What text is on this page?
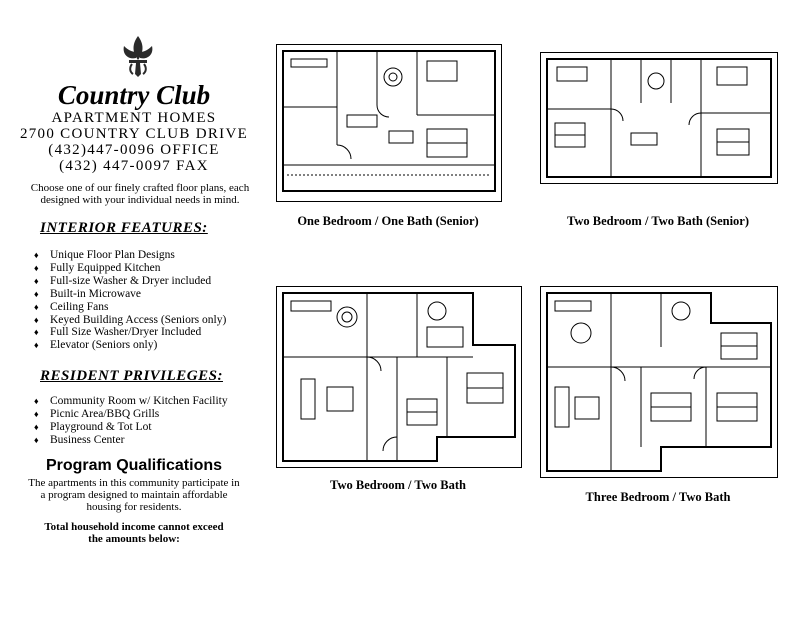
Country Club
APARTMENT HOMES
2700 COUNTRY CLUB DRIVE
(432)447-0096 OFFICE
(432) 447-0097 FAX
Choose one of our finely crafted floor plans, each designed with your individual needs in mind.
INTERIOR FEATURES:
♦ Unique Floor Plan Designs
♦ Fully Equipped Kitchen
♦ Full-size Washer & Dryer included
♦ Built-in Microwave
♦ Ceiling Fans
♦ Keyed Building Access (Seniors only)
♦ Full Size Washer/Dryer Included
♦ Elevator (Seniors only)
RESIDENT PRIVILEGES:
♦ Community Room w/ Kitchen Facility
♦ Picnic Area/BBQ Grills
♦ Playground & Tot Lot
♦ Business Center
Program Qualifications
The apartments in this community participate in a program designed to maintain affordable housing for residents.
Total household income cannot exceed the amounts below:
One Bedroom / One Bath (Senior)	Two Bedroom / Two Bath (Senior)
Two Bedroom / Two Bath
Three Bedroom / Two Bath
